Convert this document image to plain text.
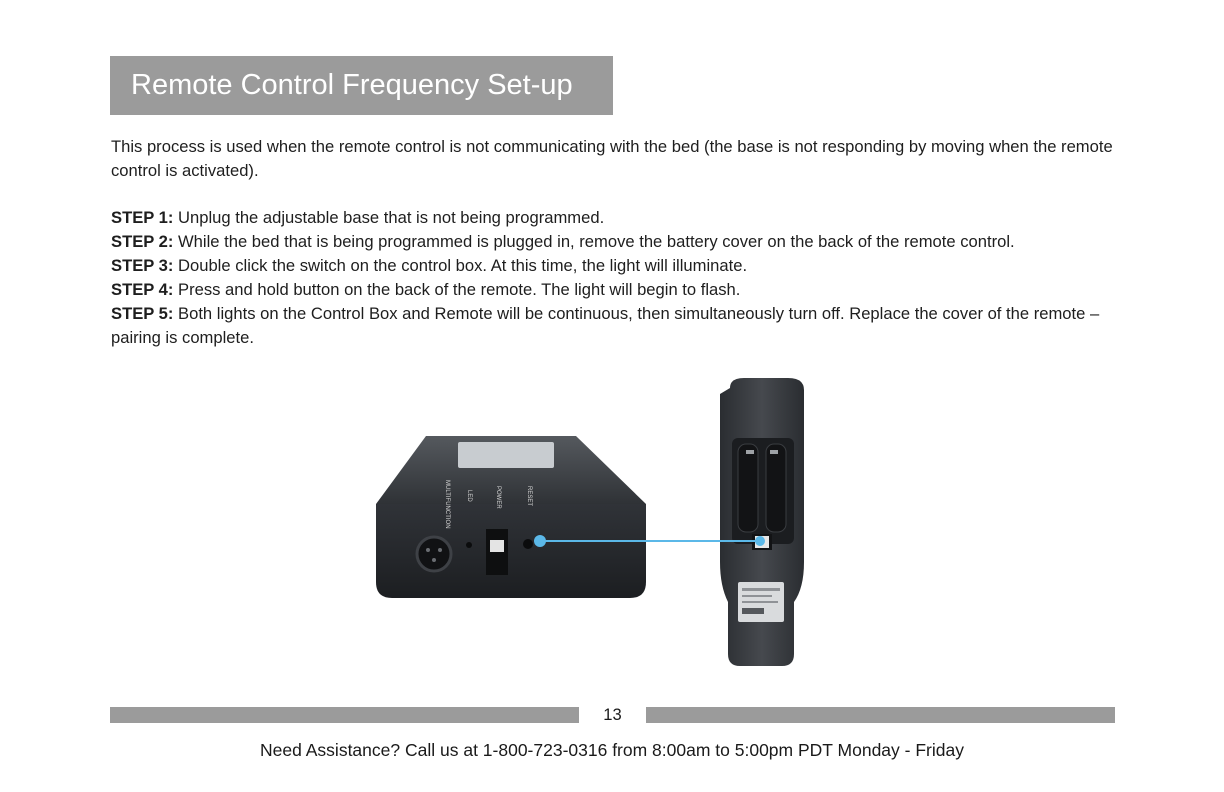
Remote Control Frequency Set-up

This process is used when the remote control is not communicating with the bed (the base is not responding by moving when the remote control is activated).

STEP 1: Unplug the adjustable base that is not being programmed.

STEP 2: While the bed that is being programmed is plugged in, remove the battery cover on the back of the remote control.

STEP 3: Double click the switch on the control box. At this time, the light will illuminate.

STEP 4: Press and hold button on the back of the remote. The light will begin to flash.

STEP 5: Both lights on the Control Box and Remote will be continuous, then simultaneously turn off. Replace the cover of the remote – pairing is complete.

MULTIFUNCTION	LED	POWER	RESET
13
Need Assistance? Call us at 1-800-723-0316 from 8:00am to 5:00pm PDT Monday - Friday
